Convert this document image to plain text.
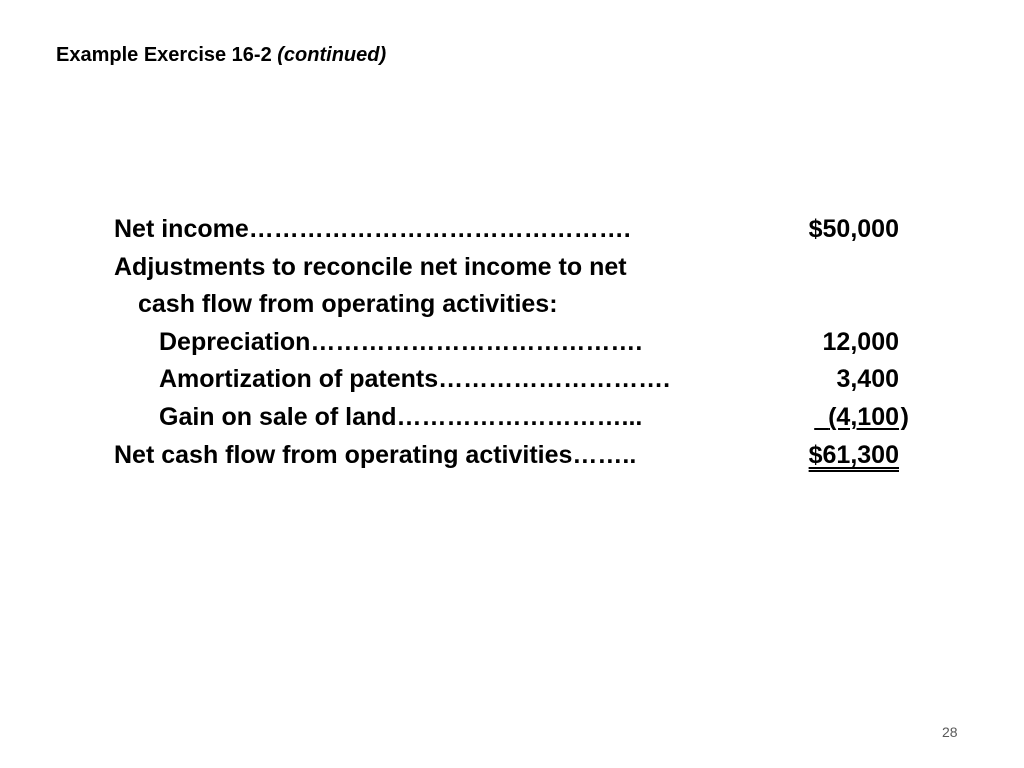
Example Exercise 16-2 (continued)
Net income……………………………………….	$50,000
Adjustments to reconcile net income to net
cash flow from operating activities:
Depreciation………………………………….	12,000
Amortization of patents……………………….	3,400
Gain on sale of land………………………...	(4,100 )
Net cash flow from operating activities……..	$61,300
28
